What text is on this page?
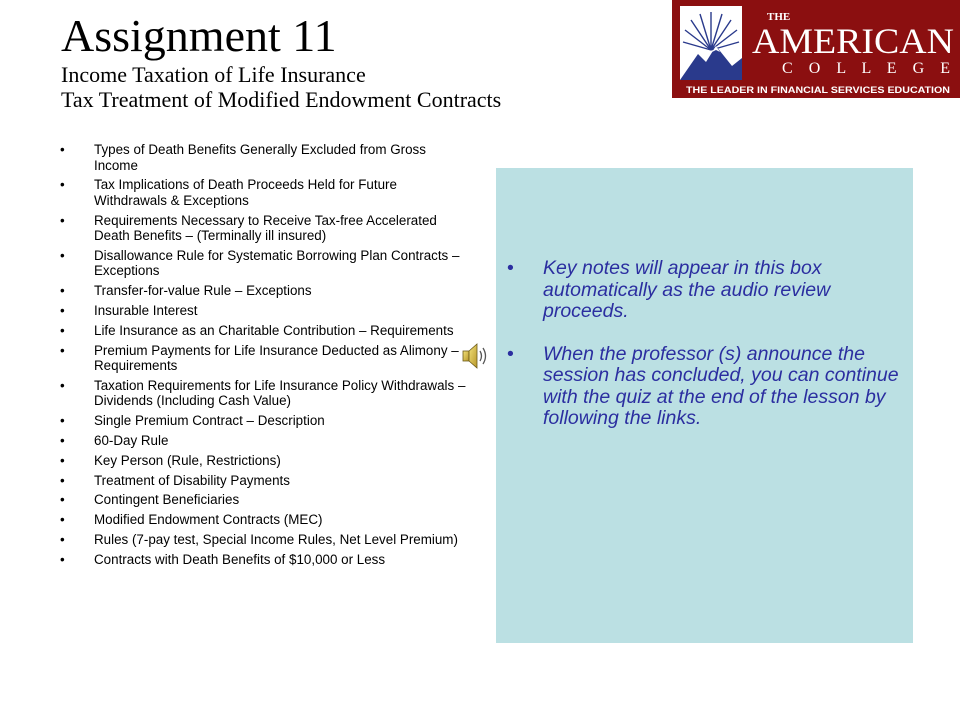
Assignment 11
Income Taxation of Life Insurance
Tax Treatment of Modified Endowment Contracts
THE
AMERICAN
C O L L E G E
THE LEADER IN FINANCIAL SERVICES EDUCATION
• Types of Death Benefits Generally Excluded from Gross Income
• Tax Implications of Death Proceeds Held for Future Withdrawals & Exceptions
• Requirements Necessary to Receive Tax-free Accelerated Death Benefits – (Terminally ill insured)
• Disallowance Rule for Systematic Borrowing Plan Contracts – Exceptions
• Transfer-for-value Rule – Exceptions
• Insurable Interest
• Life Insurance as an Charitable Contribution – Requirements
• Premium Payments for Life Insurance Deducted as Alimony – Requirements
• Taxation Requirements for Life Insurance Policy Withdrawals – Dividends (Including Cash Value)
• Single Premium Contract – Description
• 60-Day Rule
• Key Person (Rule, Restrictions)
• Treatment of Disability Payments
• Contingent Beneficiaries
• Modified Endowment Contracts (MEC)
• Rules (7-pay test, Special Income Rules, Net Level Premium)
• Contracts with Death Benefits of $10,000 or Less
• Key notes will appear in this box automatically as the audio review proceeds.
• When the professor (s) announce the session has concluded, you can continue with the quiz at the end of the lesson by following the links.
